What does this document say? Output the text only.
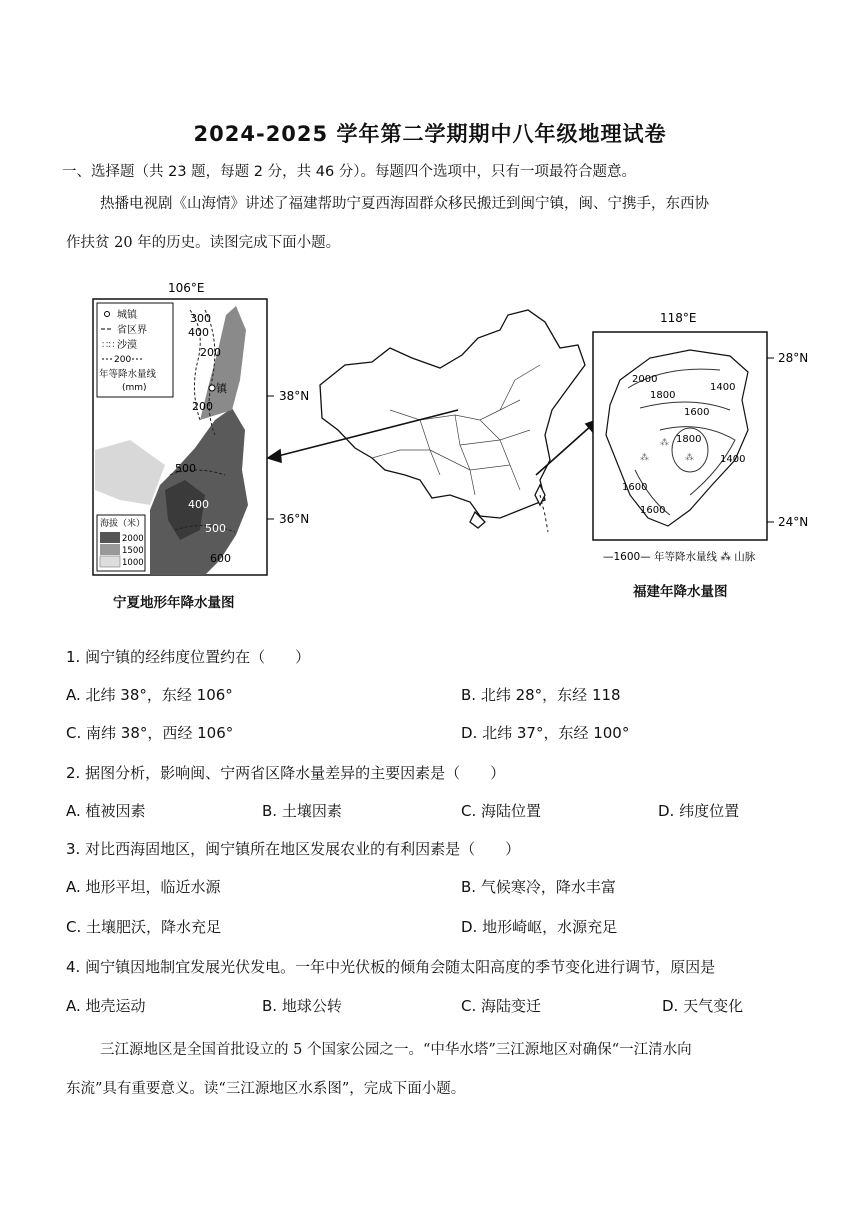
2024-2025 学年第二学期期中八年级地理试卷
一、选择题（共 23 题，每题 2 分，共 46 分）。每题四个选项中，只有一项最符合题意。
热播电视剧《山海情》讲述了福建帮助宁夏西海固群众移民搬迁到闽宁镇，闽、宁携手，东西协
作扶贫 20 年的历史。读图完成下面小题。
106°E
300
400
200
200
500
400
500
600
镇
城镇
省区界
∷∷ 沙漠
200
年等降水量线
(mm)
海拔（米）
2000
1500
1000
38°N
36°N
118°E
⁂
⁂
⁂
2000
1800
1600
1400
1400
1600
1800
1600
28°N
24°N
—1600— 年等降水量线 ⁂ 山脉
宁夏地形年降水量图
福建年降水量图
1. 闽宁镇的经纬度位置约在（　　）
A. 北纬 38°，东经 106°	B. 北纬 28°，东经 118
C. 南纬 38°，西经 106°	D. 北纬 37°，东经 100°
2. 据图分析，影响闽、宁两省区降水量差异的主要因素是（　　）
A. 植被因素	B. 土壤因素	C. 海陆位置	D. 纬度位置
3. 对比西海固地区，闽宁镇所在地区发展农业的有利因素是（　　）
A. 地形平坦，临近水源	B. 气候寒冷，降水丰富
C. 土壤肥沃，降水充足	D. 地形崎岖，水源充足
4. 闽宁镇因地制宜发展光伏发电。一年中光伏板的倾角会随太阳高度的季节变化进行调节，原因是
A. 地壳运动	B. 地球公转	C. 海陆变迁	D. 天气变化
三江源地区是全国首批设立的 5 个国家公园之一。“中华水塔”三江源地区对确保“一江清水向
东流”具有重要意义。读“三江源地区水系图”，完成下面小题。
